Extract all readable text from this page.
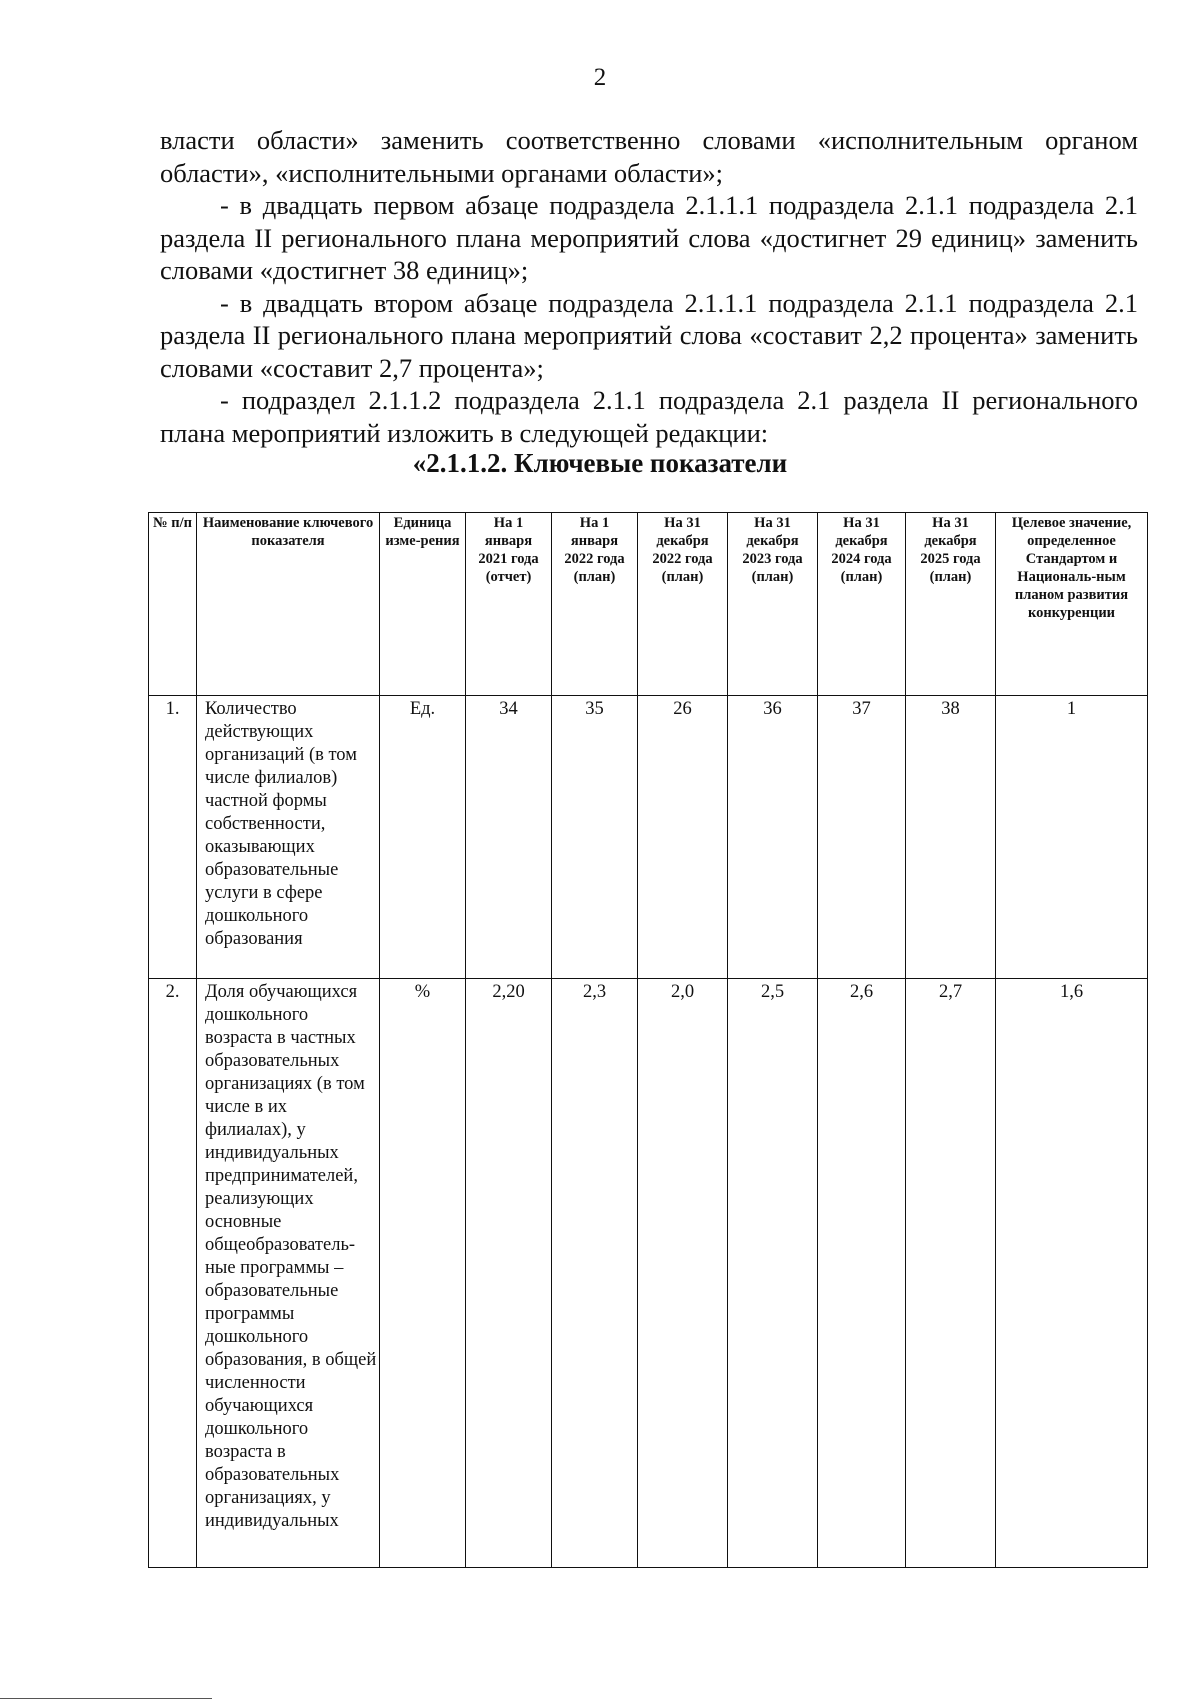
2

власти области» заменить соответственно словами «исполнительным органом области», «исполнительными органами области»;

- в двадцать первом абзаце подраздела 2.1.1.1 подраздела 2.1.1 подраздела 2.1 раздела II регионального плана мероприятий слова «достигнет 29 единиц» заменить словами «достигнет 38 единиц»;

- в двадцать втором абзаце подраздела 2.1.1.1 подраздела 2.1.1 подраздела 2.1 раздела II регионального плана мероприятий слова «составит 2,2 процента» заменить словами «составит 2,7 процента»;

- подраздел 2.1.1.2 подраздела 2.1.1 подраздела 2.1 раздела II регионального плана мероприятий изложить в следующей редакции:

«2.1.1.2. Ключевые показатели
№ п/п	Наименование ключевого показателя	Единица изме-рения	На 1 января 2021 года (отчет)	На 1 января 2022 года (план)	На 31 декабря 2022 года (план)	На 31 декабря 2023 года (план)	На 31 декабря 2024 года (план)	На 31 декабря 2025 года (план)	Целевое значение, определенное Стандартом и Националь-ным планом развития конкуренции
1.	Количество действующих организаций (в том числе филиалов) частной формы собственности, оказывающих образовательные услуги в сфере дошкольного образования	Ед.	34	35	26	36	37	38	1
2.	Доля обучающихся дошкольного возраста в частных образовательных организациях (в том числе в их филиалах), у индивидуальных предпринимателей, реализующих основные общеобразователь-ные программы – образовательные программы дошкольного образования, в общей численности обучающихся дошкольного возраста в образовательных организациях, у индивидуальных	%	2,20	2,3	2,0	2,5	2,6	2,7	1,6
